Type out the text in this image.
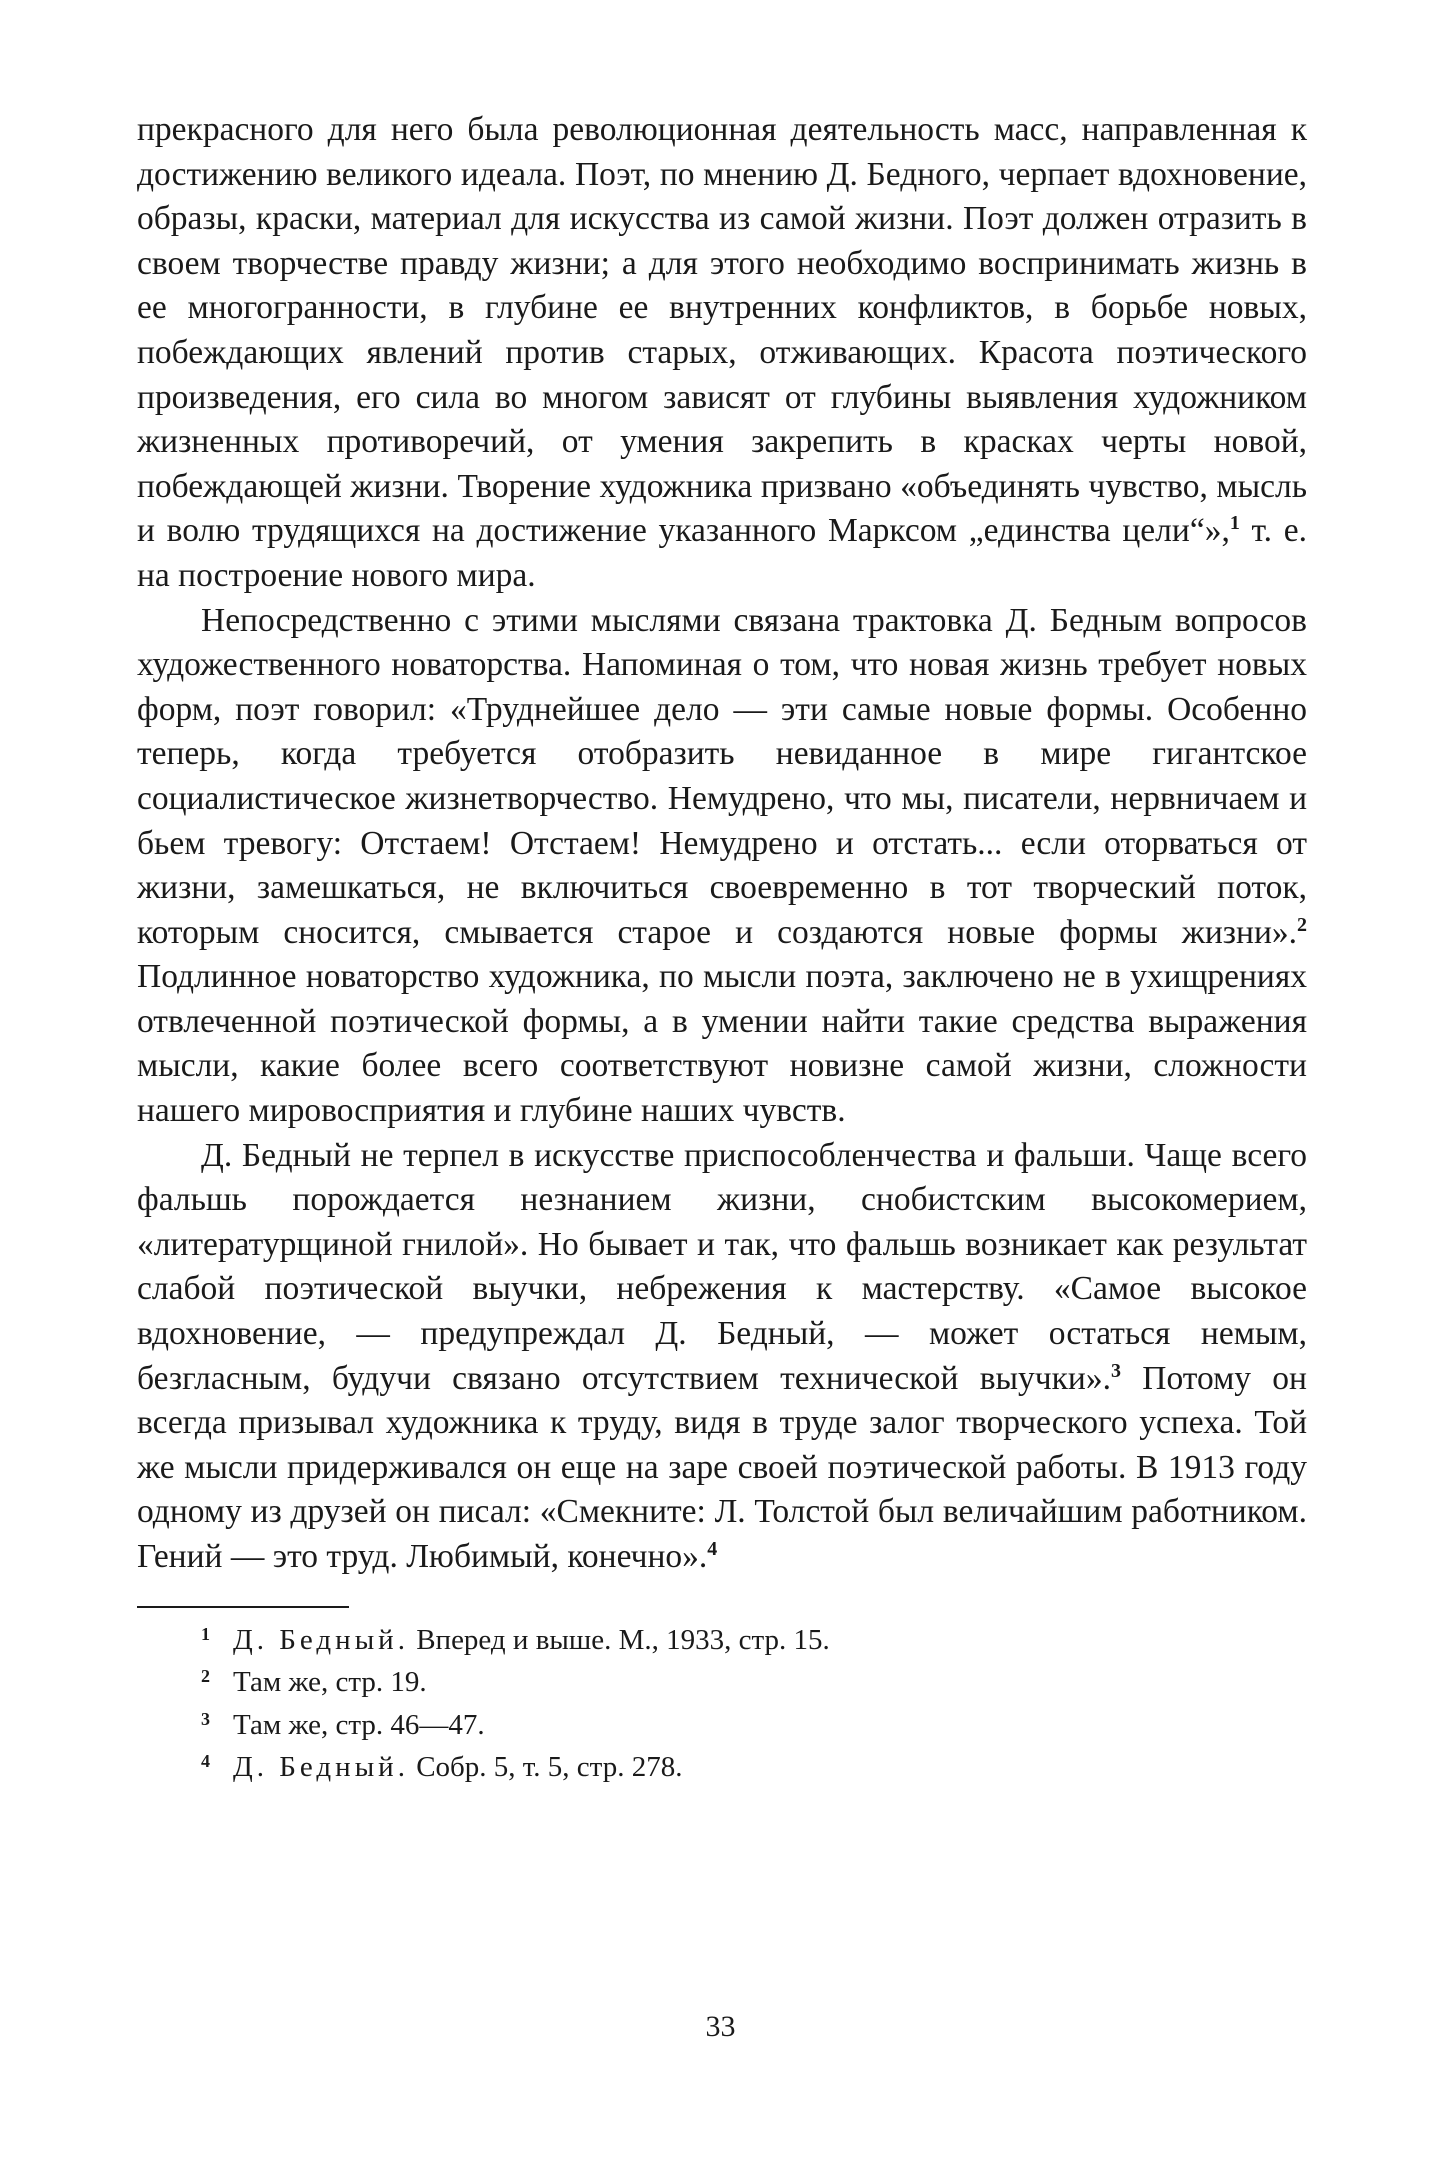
прекрасного для него была революционная деятельность масс, направленная к достижению великого идеала. Поэт, по мнению Д. Бедного, черпает вдохновение, образы, краски, материал для искусства из самой жизни. Поэт должен отразить в своем творчестве правду жизни; а для этого необходимо воспринимать жизнь в ее многогранности, в глубине ее внутренних конфликтов, в борьбе новых, побеждающих явлений против старых, отживающих. Красота поэтического произведения, его сила во многом зависят от глубины выявления художником жизненных противоречий, от умения закрепить в красках черты новой, побеждающей жизни. Творение художника призвано «объединять чувство, мысль и волю трудящихся на достижение указанного Марксом „единства цели“»,$^1$ т. е. на построение нового мира.

Непосредственно с этими мыслями связана трактовка Д. Бедным вопросов художественного новаторства. Напоминая о том, что новая жизнь требует новых форм, поэт говорил: «Труднейшее дело — эти самые новые формы. Особенно теперь, когда требуется отобразить невиданное в мире гигантское социалистическое жизнетворчество. Немудрено, что мы, писатели, нервничаем и бьем тревогу: Отстаем! Отстаем! Немудрено и отстать... если оторваться от жизни, замешкаться, не включиться своевременно в тот творческий поток, которым сносится, смывается старое и создаются новые формы жизни».$^2$ Подлинное новаторство художника, по мысли поэта, заключено не в ухищрениях отвлеченной поэтической формы, а в умении найти такие средства выражения мысли, какие более всего соответствуют новизне самой жизни, сложности нашего мировосприятия и глубине наших чувств.

Д. Бедный не терпел в искусстве приспособленчества и фальши. Чаще всего фальшь порождается незнанием жизни, снобистским высокомерием, «литературщиной гнилой». Но бывает и так, что фальшь возникает как результат слабой поэтической выучки, небрежения к мастерству. «Самое высокое вдохновение, — предупреждал Д. Бедный, — может остаться немым, безгласным, будучи связано отсутствием технической выучки».$^3$ Потому он всегда призывал художника к труду, видя в труде залог творческого успеха. Той же мысли придерживался он еще на заре своей поэтической работы. В 1913 году одному из друзей он писал: «Смекните: Л. Толстой был величайшим работником. Гений — это труд. Любимый, конечно».$^4$

1 Д. Бедный. Вперед и выше. М., 1933, стр. 15.
2 Там же, стр. 19.
3 Там же, стр. 46—47.
4 Д. Бедный. Собр. 5, т. 5, стр. 278.
33
